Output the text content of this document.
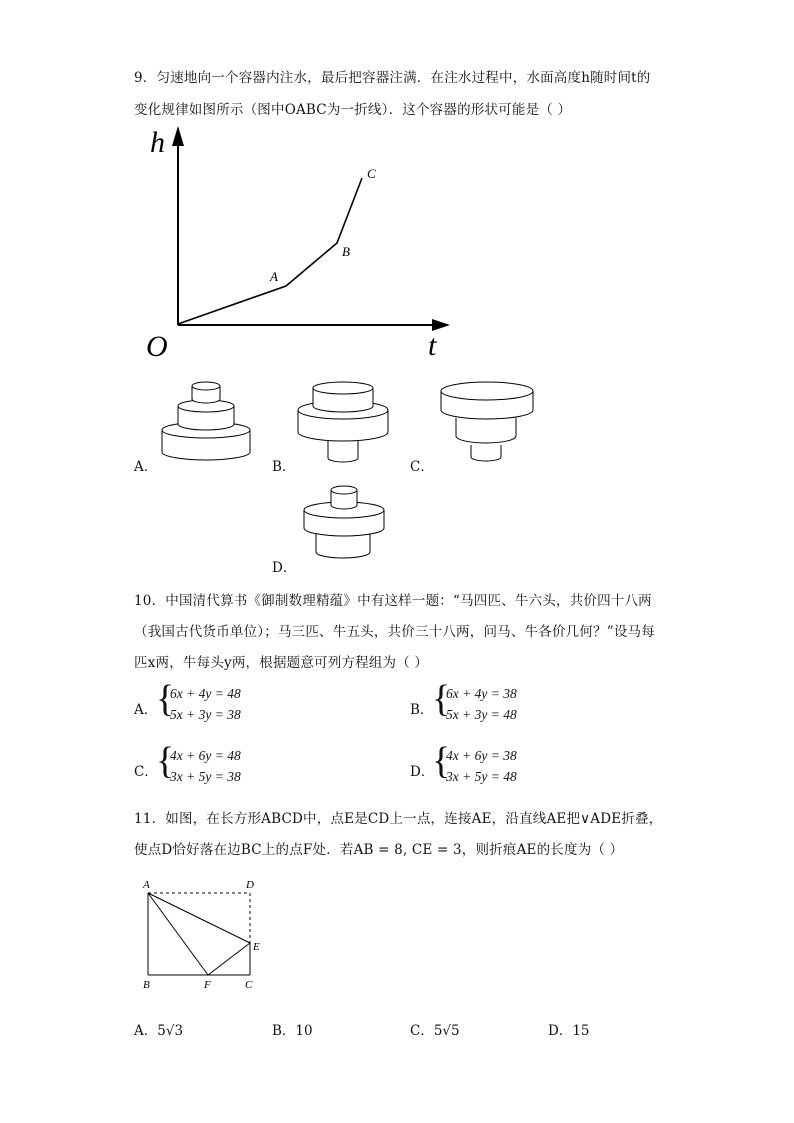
9．匀速地向一个容器内注水，最后把容器注满．在注水过程中，水面高度h随时间t的
变化规律如图所示（图中OABC为一折线）．这个容器的形状可能是（ ）
h
t
O
A
B
C
A．	B．	C．
D．
10．中国清代算书《御制数理精蕴》中有这样一题：“马四匹、牛六头，共价四十八两
（我国古代货币单位）；马三匹、牛五头，共价三十八两，问马、牛各价几何？”设马每
匹x两，牛每头y两，根据题意可列方程组为（ ）
A．
{
6x + 4y = 48
5x + 3y = 38	B．
{
6x + 4y = 38
5x + 3y = 48
C．
{
4x + 6y = 48
3x + 5y = 38	D．
{
4x + 6y = 38
3x + 5y = 48
11．如图，在长方形ABCD中，点E是CD上一点，连接AE，沿直线AE把∨ADE折叠，
使点D恰好落在边BC上的点F处．若AB = 8, CE = 3，则折痕AE的长度为（ ）
A	D
E
B	F	C
A．5√3	B．10	C．5√5	D．15
